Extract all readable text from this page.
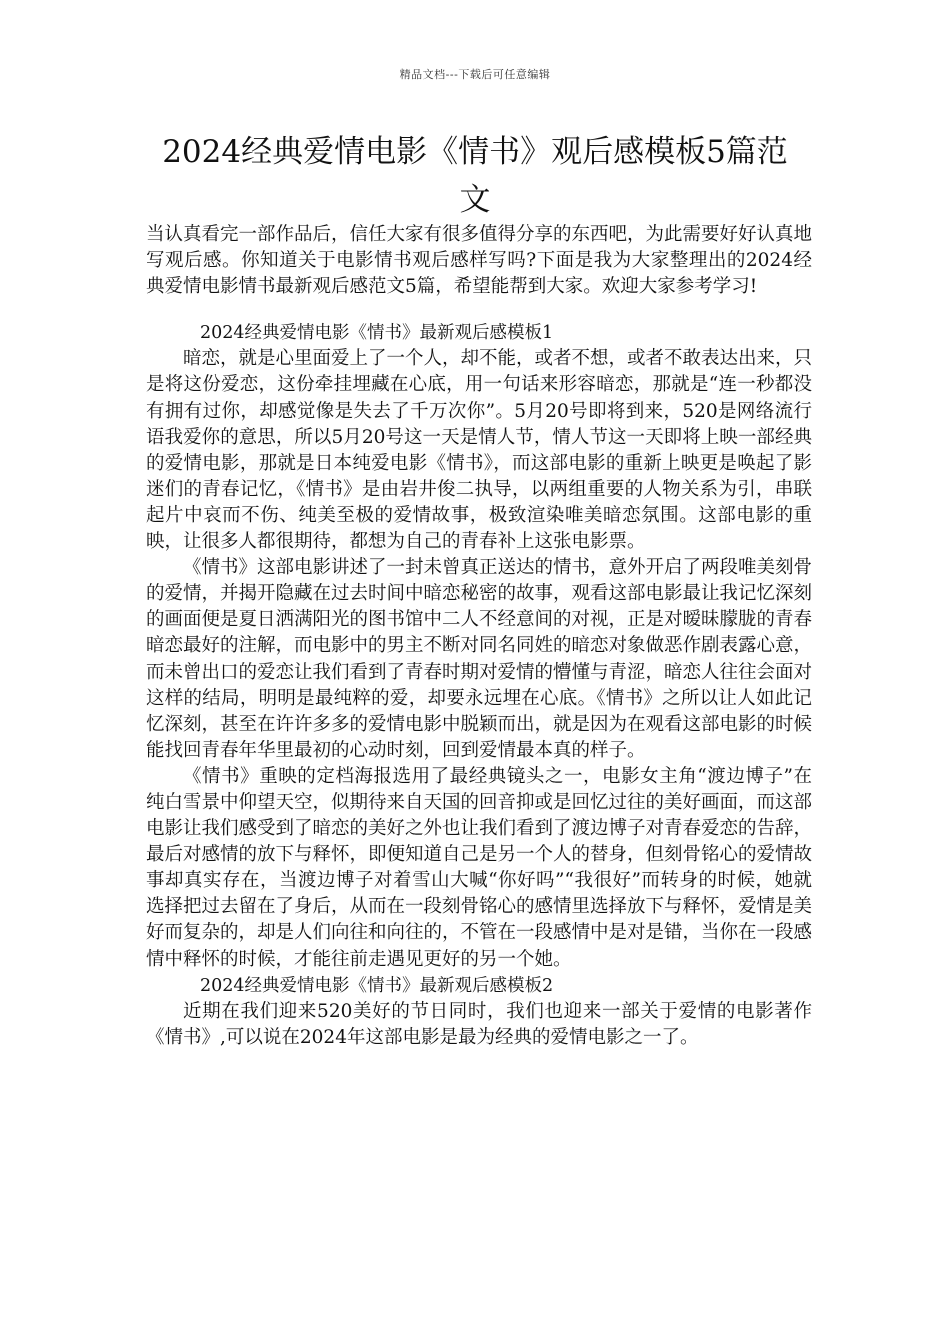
精品文档---下载后可任意编辑
2024经典爱情电影《情书》观后感模板5篇范文

当认真看完一部作品后，信任大家有很多值得分享的东西吧，为此需要好好认真地写观后感。你知道关于电影情书观后感样写吗?下面是我为大家整理出的2024经典爱情电影情书最新观后感范文5篇，希望能帮到大家。欢迎大家参考学习!

2024经典爱情电影《情书》最新观后感模板1

暗恋，就是心里面爱上了一个人，却不能，或者不想，或者不敢表达出来，只是将这份爱恋，这份牵挂埋藏在心底，用一句话来形容暗恋，那就是“连一秒都没有拥有过你，却感觉像是失去了千万次你”。5月20号即将到来，520是网络流行语我爱你的意思，所以5月20号这一天是情人节，情人节这一天即将上映一部经典的爱情电影，那就是日本纯爱电影《情书》，而这部电影的重新上映更是唤起了影迷们的青春记忆，《情书》是由岩井俊二执导，以两组重要的人物关系为引，串联起片中哀而不伤、纯美至极的爱情故事，极致渲染唯美暗恋氛围。这部电影的重映，让很多人都很期待，都想为自己的青春补上这张电影票。

《情书》这部电影讲述了一封未曾真正送达的情书，意外开启了两段唯美刻骨的爱情，并揭开隐藏在过去时间中暗恋秘密的故事，观看这部电影最让我记忆深刻的画面便是夏日洒满阳光的图书馆中二人不经意间的对视，正是对暧昧朦胧的青春暗恋最好的注解，而电影中的男主不断对同名同姓的暗恋对象做恶作剧表露心意，而未曾出口的爱恋让我们看到了青春时期对爱情的懵懂与青涩，暗恋人往往会面对这样的结局，明明是最纯粹的爱，却要永远埋在心底。《情书》之所以让人如此记忆深刻，甚至在许许多多的爱情电影中脱颖而出，就是因为在观看这部电影的时候能找回青春年华里最初的心动时刻，回到爱情最本真的样子。

《情书》重映的定档海报选用了最经典镜头之一，电影女主角“渡边博子”在纯白雪景中仰望天空，似期待来自天国的回音抑或是回忆过往的美好画面，而这部电影让我们感受到了暗恋的美好之外也让我们看到了渡边博子对青春爱恋的告辞，最后对感情的放下与释怀，即便知道自己是另一个人的替身，但刻骨铭心的爱情故事却真实存在，当渡边博子对着雪山大喊“你好吗”“我很好”而转身的时候，她就选择把过去留在了身后，从而在一段刻骨铭心的感情里选择放下与释怀，爱情是美好而复杂的，却是人们向往和向往的，不管在一段感情中是对是错，当你在一段感情中释怀的时候，才能往前走遇见更好的另一个她。

2024经典爱情电影《情书》最新观后感模板2

近期在我们迎来520美好的节日同时，我们也迎来一部关于爱情的电影著作《情书》,可以说在2024年这部电影是最为经典的爱情电影之一了。
